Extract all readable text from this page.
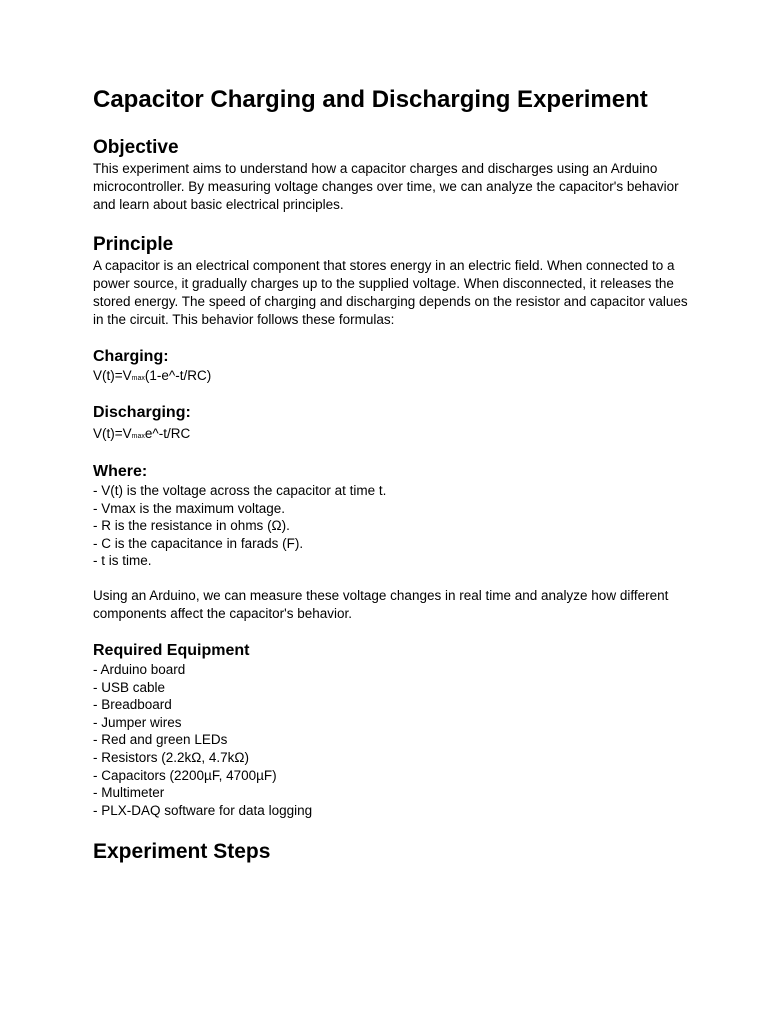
Capacitor Charging and Discharging Experiment
Objective

This experiment aims to understand how a capacitor charges and discharges using an Arduino microcontroller. By measuring voltage changes over time, we can analyze the capacitor's behavior and learn about basic electrical principles.

Principle

A capacitor is an electrical component that stores energy in an electric field. When connected to a power source, it gradually charges up to the supplied voltage. When disconnected, it releases the stored energy. The speed of charging and discharging depends on the resistor and capacitor values in the circuit. This behavior follows these formulas:

Charging:
V(t)=Vmax(1-e^-t/RC)
Discharging:
V(t)=Vmaxe^-t/RC
Where:
- V(t) is the voltage across the capacitor at time t.
- Vmax is the maximum voltage.
- R is the resistance in ohms (Ω).
- C is the capacitance in farads (F).
- t is time.

Using an Arduino, we can measure these voltage changes in real time and analyze how different components affect the capacitor's behavior.

Required Equipment
- Arduino board
- USB cable
- Breadboard
- Jumper wires
- Red and green LEDs
- Resistors (2.2kΩ, 4.7kΩ)
- Capacitors (2200µF, 4700µF)
- Multimeter
- PLX-DAQ software for data logging
Experiment Steps
